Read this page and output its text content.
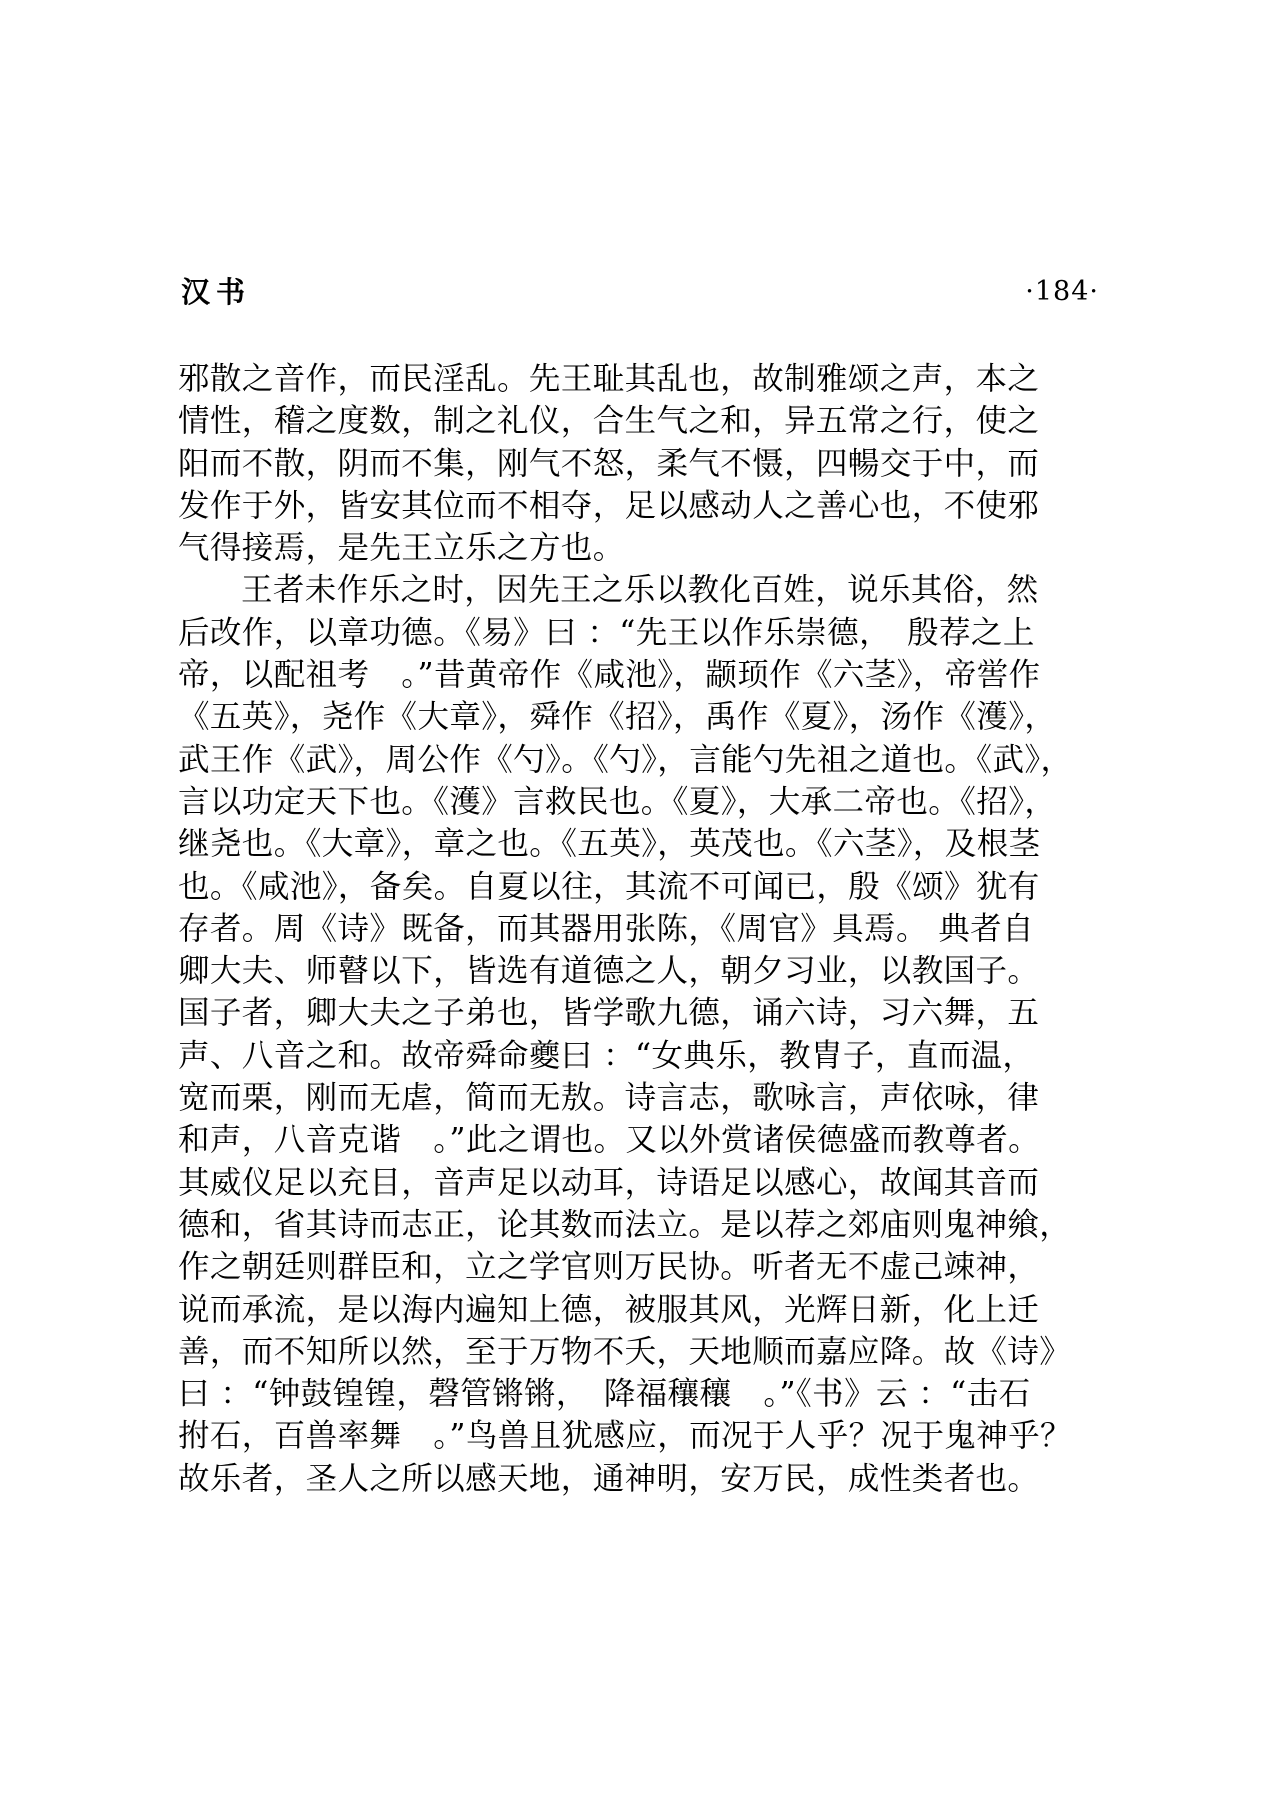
汉书	·184·
邪散之音作，而民淫乱。先王耻其乱也，故制雅颂之声，本之
情性，稽之度数，制之礼仪，合生气之和，异五常之行，使之
阳而不散，阴而不集，刚气不怒，柔气不慑，四暢交于中，而
发作于外，皆安其位而不相夺，足以感动人之善心也，不使邪
气得接焉，是先王立乐之方也。
王者未作乐之时，因先王之乐以教化百姓，说乐其俗，然
后改作，以章功德。《易》曰 ：“先王以作乐崇德，　殷荐之上
帝，以配祖考　。”昔黄帝作《咸池》，颛顼作《六茎》，帝喾作
《五英》，尧作《大章》，舜作《招》，禹作《夏》，汤作《濩》，
武王作《武》，周公作《勺》。《勺》，言能勺先祖之道也。《武》，
言以功定天下也。《濩》言救民也。《夏》，大承二帝也。《招》，
继尧也。《大章》，章之也。《五英》，英茂也。《六茎》，及根茎
也。《咸池》，备矣。自夏以往，其流不可闻已，殷《颂》犹有
存者。周《诗》既备，而其器用张陈，《周官》具焉。 典者自
卿大夫、师瞽以下，皆选有道德之人，朝夕习业，以教国子。
国子者，卿大夫之子弟也，皆学歌九德，诵六诗，习六舞，五
声、八音之和。故帝舜命夔曰 ：“女典乐，教胄子，直而温，
宽而栗，刚而无虐，简而无敖。诗言志，歌咏言，声依咏，律
和声，八音克谐　。”此之谓也。又以外赏诸侯德盛而教尊者。
其威仪足以充目，音声足以动耳，诗语足以感心，故闻其音而
德和，省其诗而志正，论其数而法立。是以荐之郊庙则鬼神飨，
作之朝廷则群臣和，立之学官则万民协。听者无不虚己竦神，
说而承流，是以海内遍知上德，被服其风，光辉日新，化上迁
善，而不知所以然，至于万物不夭，天地顺而嘉应降。故《诗》
曰 ：“钟鼓锽锽，磬管锵锵，　降福穰穰　。”《书》云 ：“击石
拊石，百兽率舞　。”鸟兽且犹感应，而况于人乎？况于鬼神乎？
故乐者，圣人之所以感天地，通神明，安万民，成性类者也。
